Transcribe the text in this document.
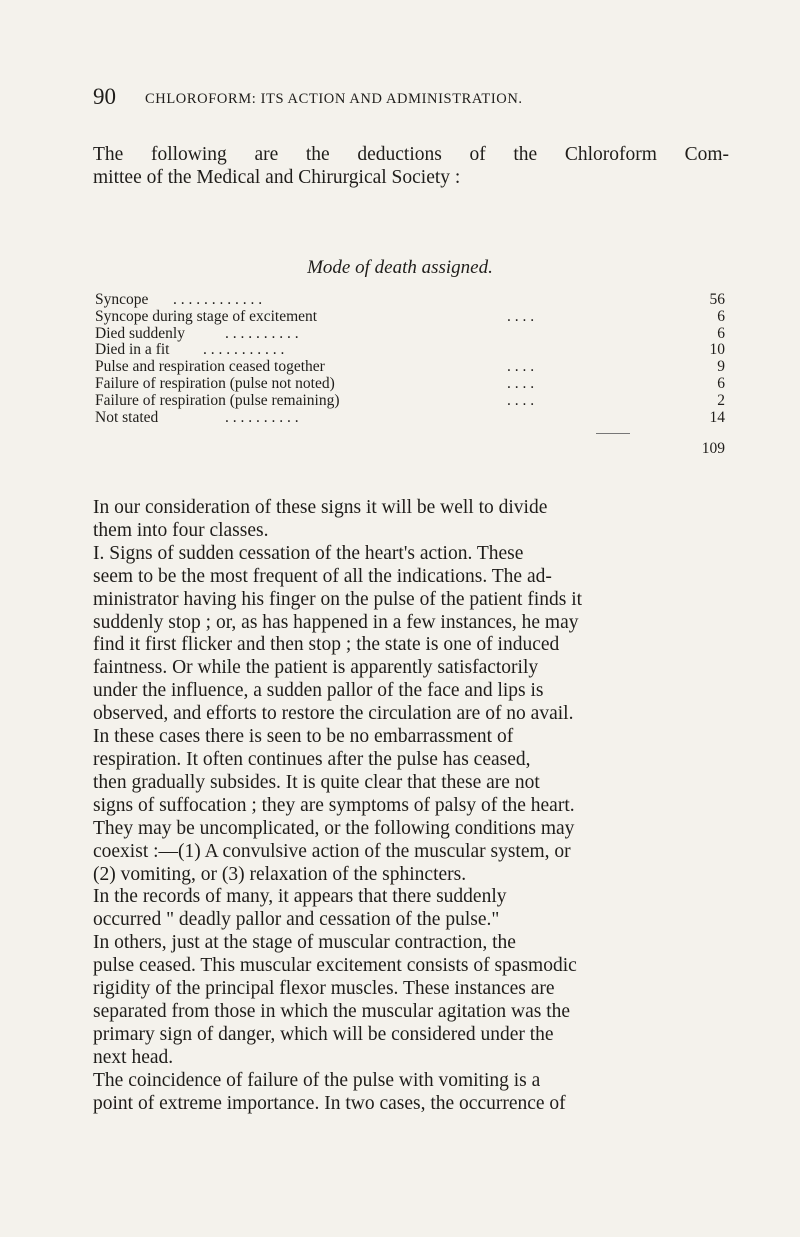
90 CHLOROFORM: ITS ACTION AND ADMINISTRATION.

The following are the deductions of the Chloroform Com-
mittee of the Medical and Chirurgical Society :

Mode of death assigned.
Syncope . . . . . . . . . . . .	56
Syncope during stage of excitement	. . . .	6
Died suddenly	. . . . . . . . . .	6
Died in a fit . . . . . . . . . . .	10
Pulse and respiration ceased together	. . . .	9
Failure of respiration (pulse not noted)	. . . .	6
Failure of respiration (pulse remaining)	. . . .	2
Not stated	. . . . . . . . . .	14
109

In our consideration of these signs it will be well to divide
them into four classes.
I. Signs of sudden cessation of the heart's action. These
seem to be the most frequent of all the indications. The ad-
ministrator having his finger on the pulse of the patient finds it
suddenly stop ; or, as has happened in a few instances, he may
find it first flicker and then stop ; the state is one of induced
faintness. Or while the patient is apparently satisfactorily
under the influence, a sudden pallor of the face and lips is
observed, and efforts to restore the circulation are of no avail.
In these cases there is seen to be no embarrassment of
respiration. It often continues after the pulse has ceased,
then gradually subsides. It is quite clear that these are not
signs of suffocation ; they are symptoms of palsy of the heart.
They may be uncomplicated, or the following conditions may
coexist :—(1) A convulsive action of the muscular system, or
(2) vomiting, or (3) relaxation of the sphincters.
In the records of many, it appears that there suddenly
occurred " deadly pallor and cessation of the pulse."
In others, just at the stage of muscular contraction, the
pulse ceased. This muscular excitement consists of spasmodic
rigidity of the principal flexor muscles. These instances are
separated from those in which the muscular agitation was the
primary sign of danger, which will be considered under the
next head.
The coincidence of failure of the pulse with vomiting is a
point of extreme importance. In two cases, the occurrence of
